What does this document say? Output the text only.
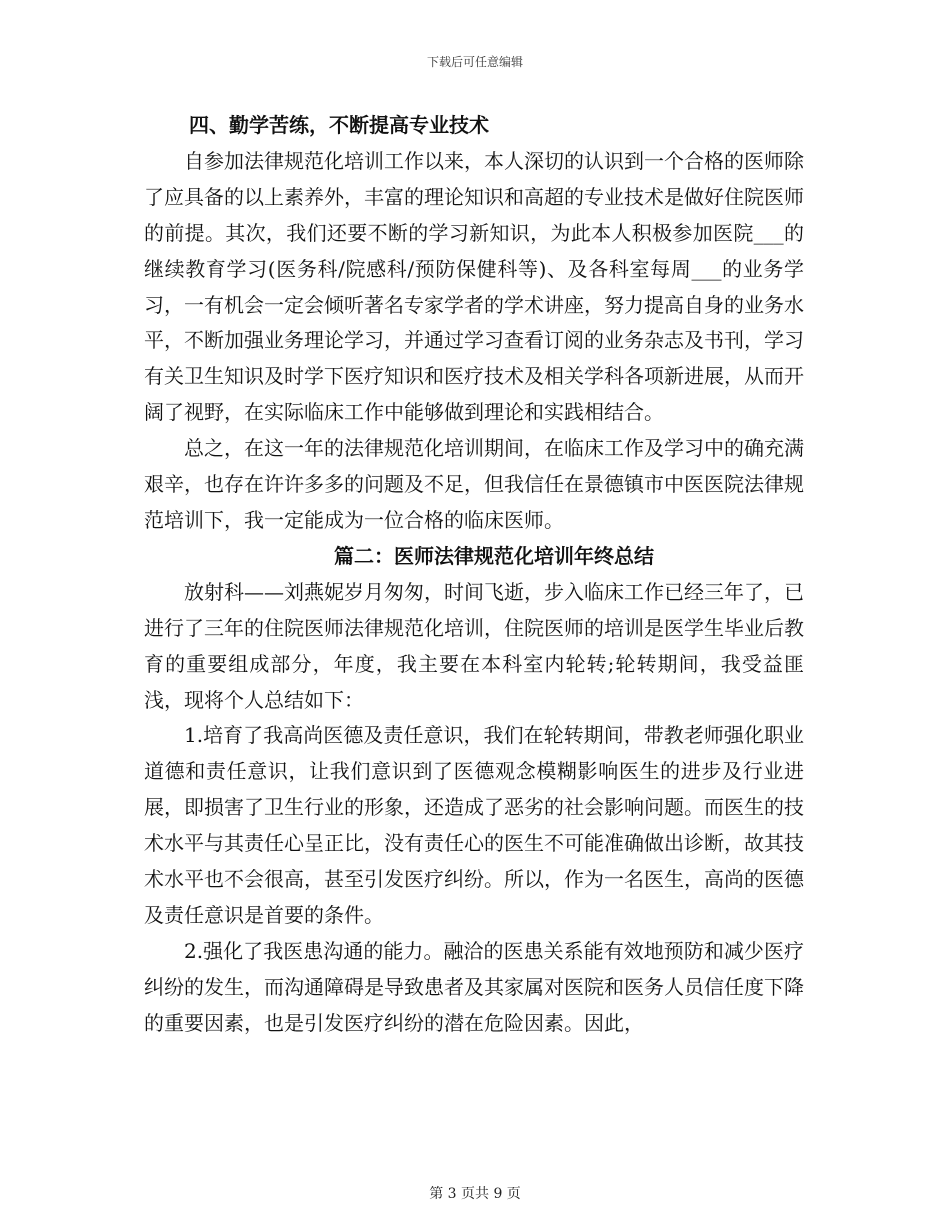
下载后可任意编辑
四、勤学苦练，不断提高专业技术

自参加法律规范化培训工作以来，本人深切的认识到一个合格的医师除了应具备的以上素养外，丰富的理论知识和高超的专业技术是做好住院医师的前提。其次，我们还要不断的学习新知识，为此本人积极参加医院___的继续教育学习(医务科/院感科/预防保健科等)、及各科室每周___的业务学习，一有机会一定会倾听著名专家学者的学术讲座，努力提高自身的业务水平，不断加强业务理论学习，并通过学习查看订阅的业务杂志及书刊，学习有关卫生知识及时学下医疗知识和医疗技术及相关学科各项新进展，从而开阔了视野，在实际临床工作中能够做到理论和实践相结合。

总之，在这一年的法律规范化培训期间，在临床工作及学习中的确充满艰辛，也存在许许多多的问题及不足，但我信任在景德镇市中医医院法律规范培训下，我一定能成为一位合格的临床医师。

篇二：医师法律规范化培训年终总结

放射科——刘燕妮岁月匆匆，时间飞逝，步入临床工作已经三年了，已进行了三年的住院医师法律规范化培训，住院医师的培训是医学生毕业后教育的重要组成部分，年度，我主要在本科室内轮转;轮转期间，我受益匪浅，现将个人总结如下：

1.培育了我高尚医德及责任意识，我们在轮转期间，带教老师强化职业道德和责任意识，让我们意识到了医德观念模糊影响医生的进步及行业进展，即损害了卫生行业的形象，还造成了恶劣的社会影响问题。而医生的技术水平与其责任心呈正比，没有责任心的医生不可能准确做出诊断，故其技术水平也不会很高，甚至引发医疗纠纷。所以，作为一名医生，高尚的医德及责任意识是首要的条件。

2.强化了我医患沟通的能力。融洽的医患关系能有效地预防和减少医疗纠纷的发生，而沟通障碍是导致患者及其家属对医院和医务人员信任度下降的重要因素，也是引发医疗纠纷的潜在危险因素。因此，

第 3 页共 9 页
